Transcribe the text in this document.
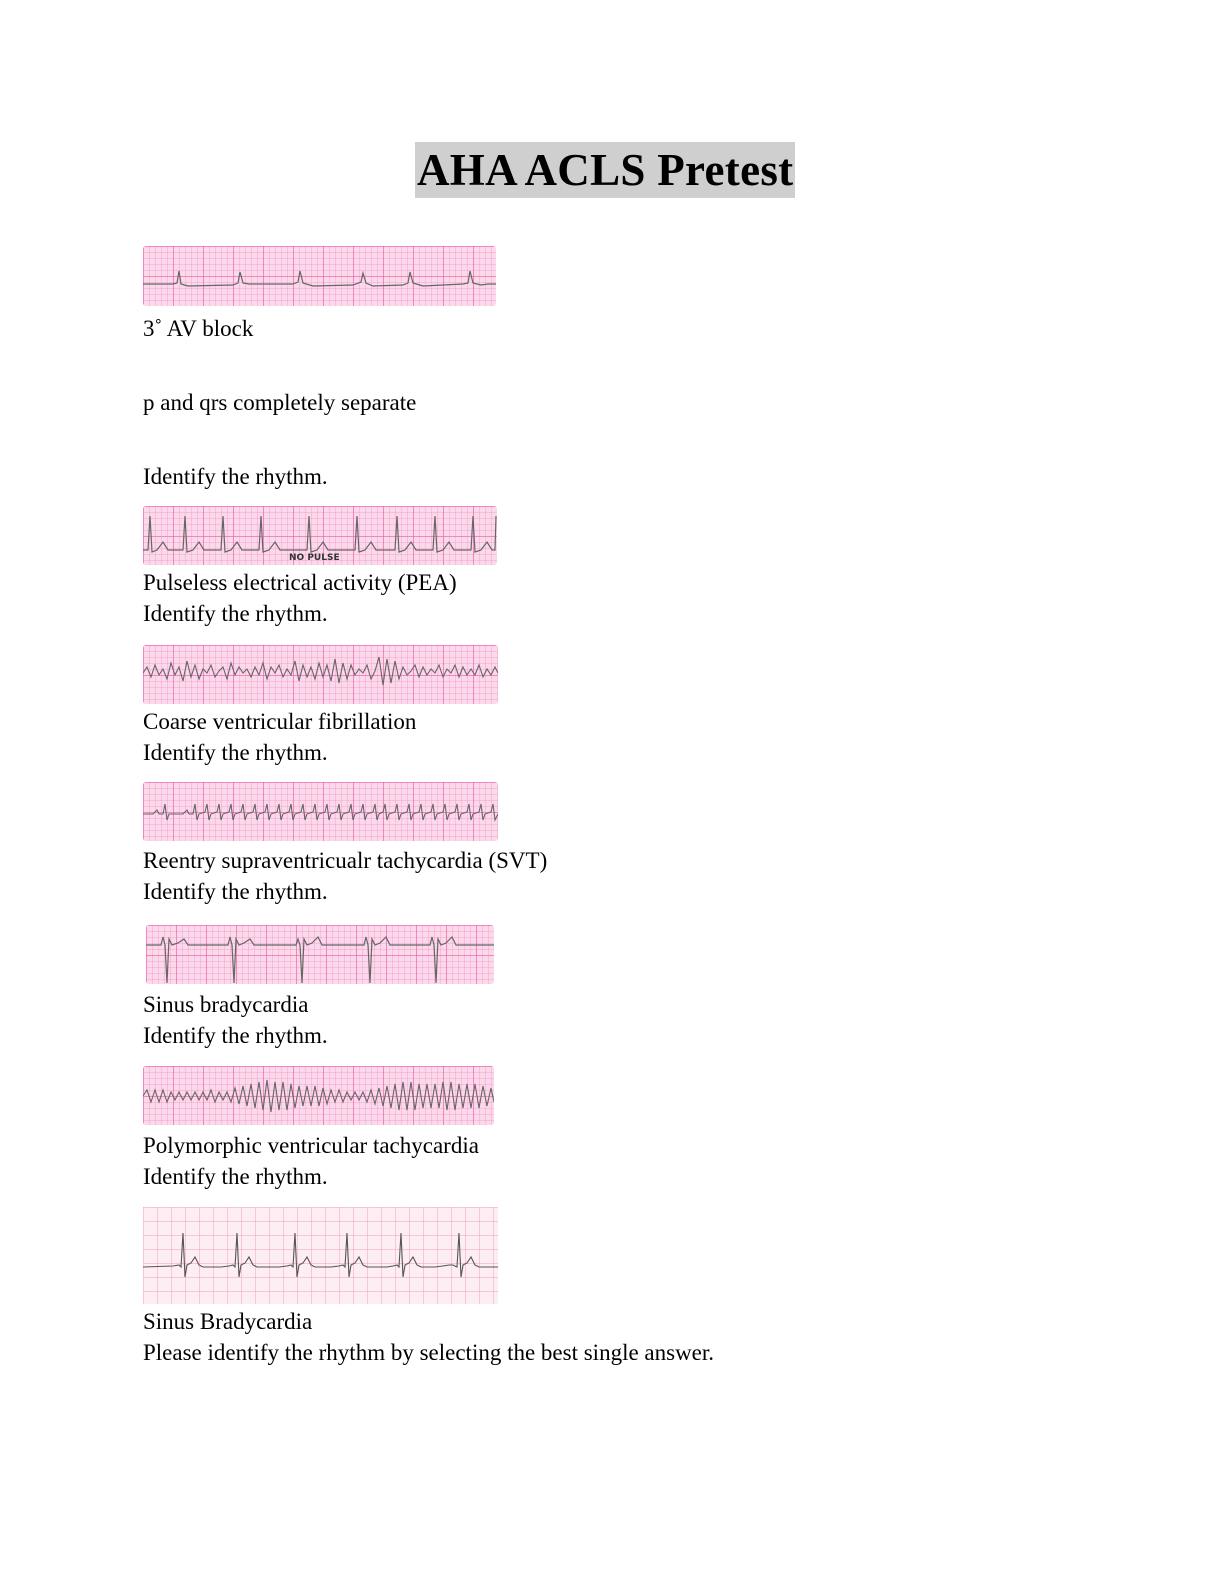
AHA ACLS Pretest
3˚ AV block
p and qrs completely separate
Identify the rhythm.
NO PULSE
Pulseless electrical activity (PEA)
Identify the rhythm.
Coarse ventricular fibrillation
Identify the rhythm.
Reentry supraventricualr tachycardia (SVT)
Identify the rhythm.
Sinus bradycardia
Identify the rhythm.
Polymorphic ventricular tachycardia
Identify the rhythm.
Sinus Bradycardia
Please identify the rhythm by selecting the best single answer.
